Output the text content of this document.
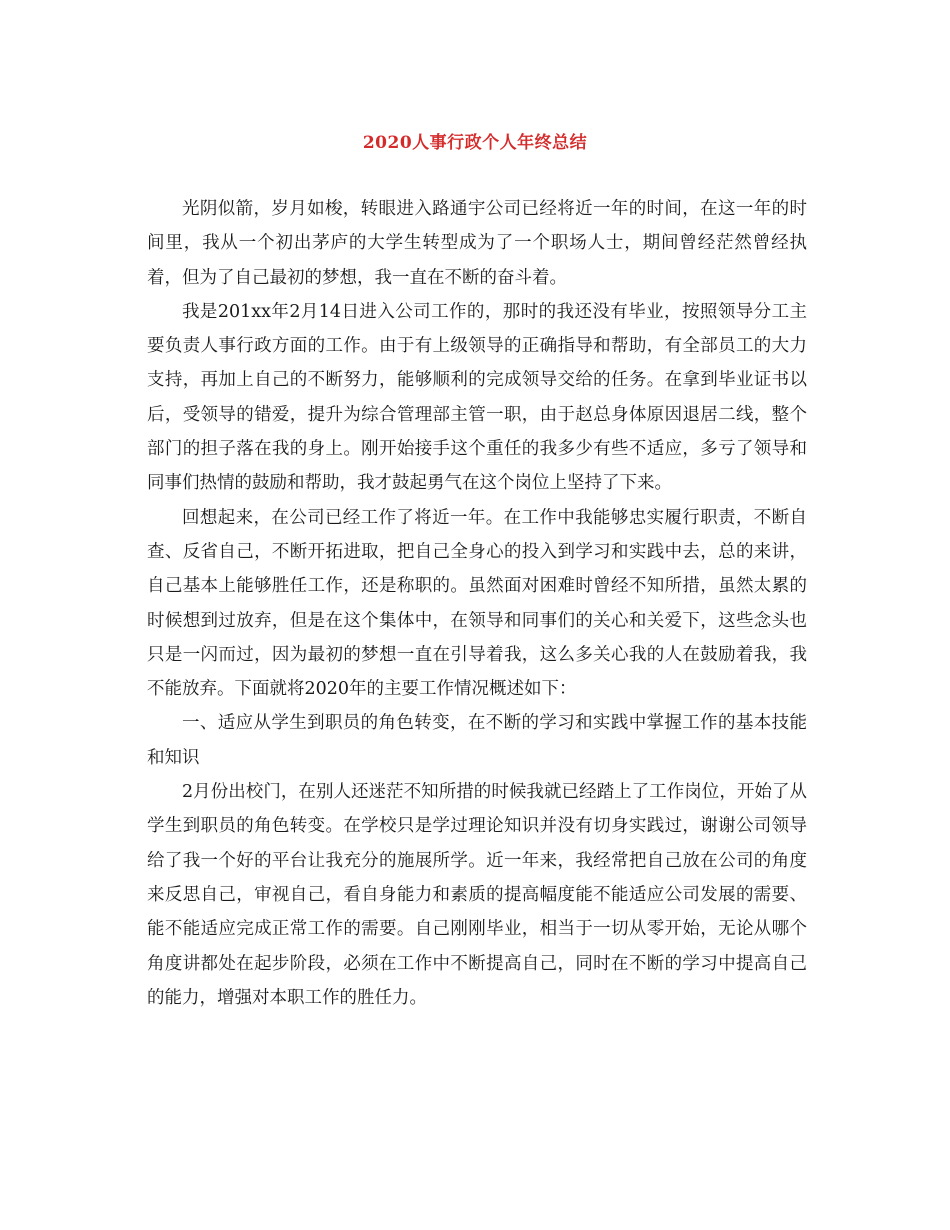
2020人事行政个人年终总结

光阴似箭，岁月如梭，转眼进入路通宇公司已经将近一年的时间，在这一年的时间里，我从一个初出茅庐的大学生转型成为了一个职场人士，期间曾经茫然曾经执着，但为了自己最初的梦想，我一直在不断的奋斗着。

我是201xx年2月14日进入公司工作的，那时的我还没有毕业，按照领导分工主要负责人事行政方面的工作。由于有上级领导的正确指导和帮助，有全部员工的大力支持，再加上自己的不断努力，能够顺利的完成领导交给的任务。在拿到毕业证书以后，受领导的错爱，提升为综合管理部主管一职，由于赵总身体原因退居二线，整个部门的担子落在我的身上。刚开始接手这个重任的我多少有些不适应，多亏了领导和同事们热情的鼓励和帮助，我才鼓起勇气在这个岗位上坚持了下来。

回想起来，在公司已经工作了将近一年。在工作中我能够忠实履行职责，不断自查、反省自己，不断开拓进取，把自己全身心的投入到学习和实践中去，总的来讲，自己基本上能够胜任工作，还是称职的。虽然面对困难时曾经不知所措，虽然太累的时候想到过放弃，但是在这个集体中，在领导和同事们的关心和关爱下，这些念头也只是一闪而过，因为最初的梦想一直在引导着我，这么多关心我的人在鼓励着我，我不能放弃。下面就将2020年的主要工作情况概述如下：

一、适应从学生到职员的角色转变，在不断的学习和实践中掌握工作的基本技能和知识

2月份出校门，在别人还迷茫不知所措的时候我就已经踏上了工作岗位，开始了从学生到职员的角色转变。在学校只是学过理论知识并没有切身实践过，谢谢公司领导给了我一个好的平台让我充分的施展所学。近一年来，我经常把自己放在公司的角度来反思自己，审视自己，看自身能力和素质的提高幅度能不能适应公司发展的需要、能不能适应完成正常工作的需要。自己刚刚毕业，相当于一切从零开始，无论从哪个角度讲都处在起步阶段，必须在工作中不断提高自己，同时在不断的学习中提高自己的能力，增强对本职工作的胜任力。
